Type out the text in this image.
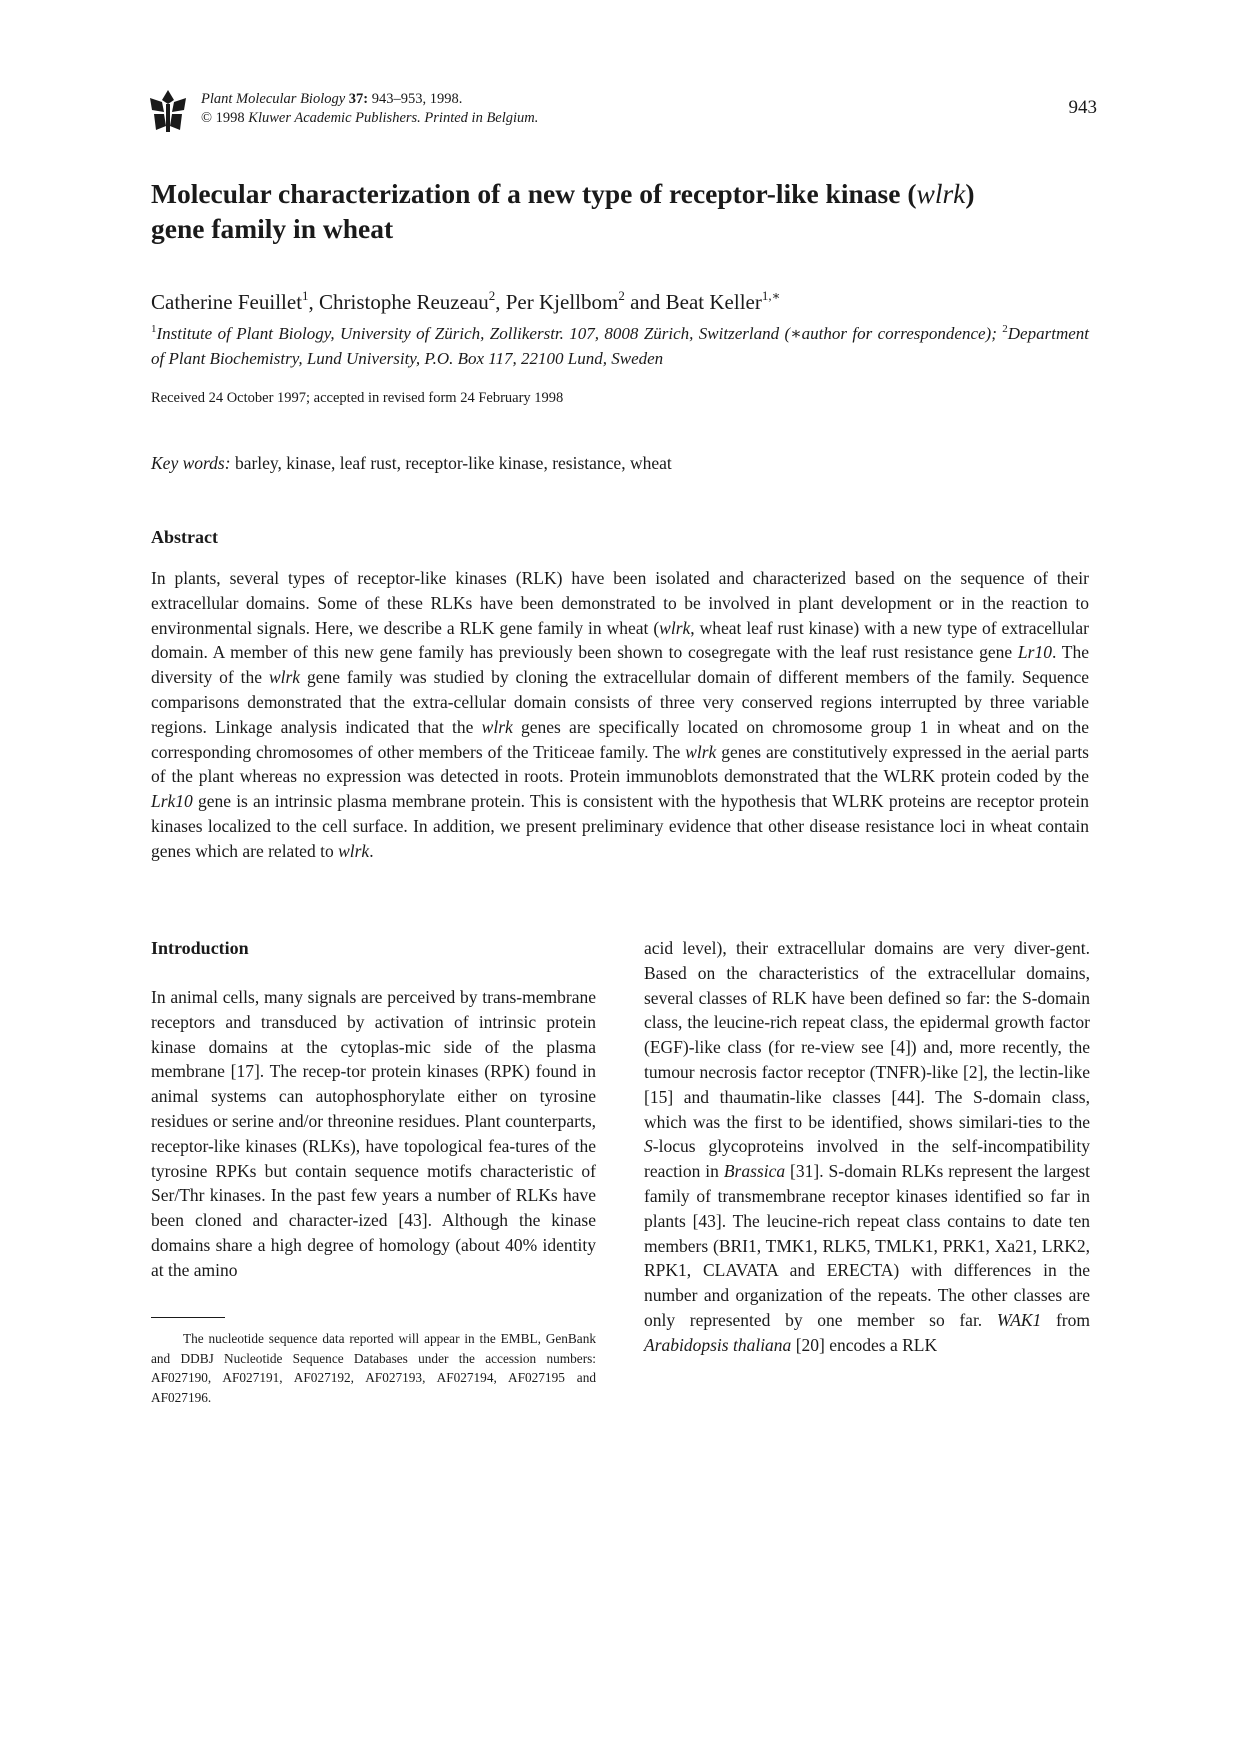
Plant Molecular Biology 37: 943–953, 1998.
© 1998 Kluwer Academic Publishers. Printed in Belgium.	943
Molecular characterization of a new type of receptor-like kinase (wlrk)
gene family in wheat
Catherine Feuillet$^1$, Christophe Reuzeau$^2$, Per Kjellbom$^2$ and Beat Keller$^{1,∗}$
$^1$Institute of Plant Biology, University of Zürich, Zollikerstr. 107, 8008 Zürich, Switzerland (∗author for correspondence); $^2$Department of Plant Biochemistry, Lund University, P.O. Box 117, 22100 Lund, Sweden
Received 24 October 1997; accepted in revised form 24 February 1998
Key words: barley, kinase, leaf rust, receptor-like kinase, resistance, wheat
Abstract

In plants, several types of receptor-like kinases (RLK) have been isolated and characterized based on the sequence of their extracellular domains. Some of these RLKs have been demonstrated to be involved in plant development or in the reaction to environmental signals. Here, we describe a RLK gene family in wheat (wlrk, wheat leaf rust kinase) with a new type of extracellular domain. A member of this new gene family has previously been shown to cosegregate with the leaf rust resistance gene Lr10. The diversity of the wlrk gene family was studied by cloning the extracellular domain of different members of the family. Sequence comparisons demonstrated that the extra-cellular domain consists of three very conserved regions interrupted by three variable regions. Linkage analysis indicated that the wlrk genes are specifically located on chromosome group 1 in wheat and on the corresponding chromosomes of other members of the Triticeae family. The wlrk genes are constitutively expressed in the aerial parts of the plant whereas no expression was detected in roots. Protein immunoblots demonstrated that the WLRK protein coded by the Lrk10 gene is an intrinsic plasma membrane protein. This is consistent with the hypothesis that WLRK proteins are receptor protein kinases localized to the cell surface. In addition, we present preliminary evidence that other disease resistance loci in wheat contain genes which are related to wlrk.

Introduction

In animal cells, many signals are perceived by trans-membrane receptors and transduced by activation of intrinsic protein kinase domains at the cytoplas-mic side of the plasma membrane [17]. The recep-tor protein kinases (RPK) found in animal systems can autophosphorylate either on tyrosine residues or serine and/or threonine residues. Plant counterparts, receptor-like kinases (RLKs), have topological fea-tures of the tyrosine RPKs but contain sequence motifs characteristic of Ser/Thr kinases. In the past few years a number of RLKs have been cloned and character-ized [43]. Although the kinase domains share a high degree of homology (about 40% identity at the amino

The nucleotide sequence data reported will appear in the EMBL, GenBank and DDBJ Nucleotide Sequence Databases under the accession numbers: AF027190, AF027191, AF027192, AF027193, AF027194, AF027195 and AF027196.

acid level), their extracellular domains are very diver-gent. Based on the characteristics of the extracellular domains, several classes of RLK have been defined so far: the S-domain class, the leucine-rich repeat class, the epidermal growth factor (EGF)-like class (for re-view see [4]) and, more recently, the tumour necrosis factor receptor (TNFR)-like [2], the lectin-like [15] and thaumatin-like classes [44]. The S-domain class, which was the first to be identified, shows similari-ties to the S-locus glycoproteins involved in the self-incompatibility reaction in Brassica [31]. S-domain RLKs represent the largest family of transmembrane receptor kinases identified so far in plants [43]. The leucine-rich repeat class contains to date ten members (BRI1, TMK1, RLK5, TMLK1, PRK1, Xa21, LRK2, RPK1, CLAVATA and ERECTA) with differences in the number and organization of the repeats. The other classes are only represented by one member so far. WAK1 from Arabidopsis thaliana [20] encodes a RLK
